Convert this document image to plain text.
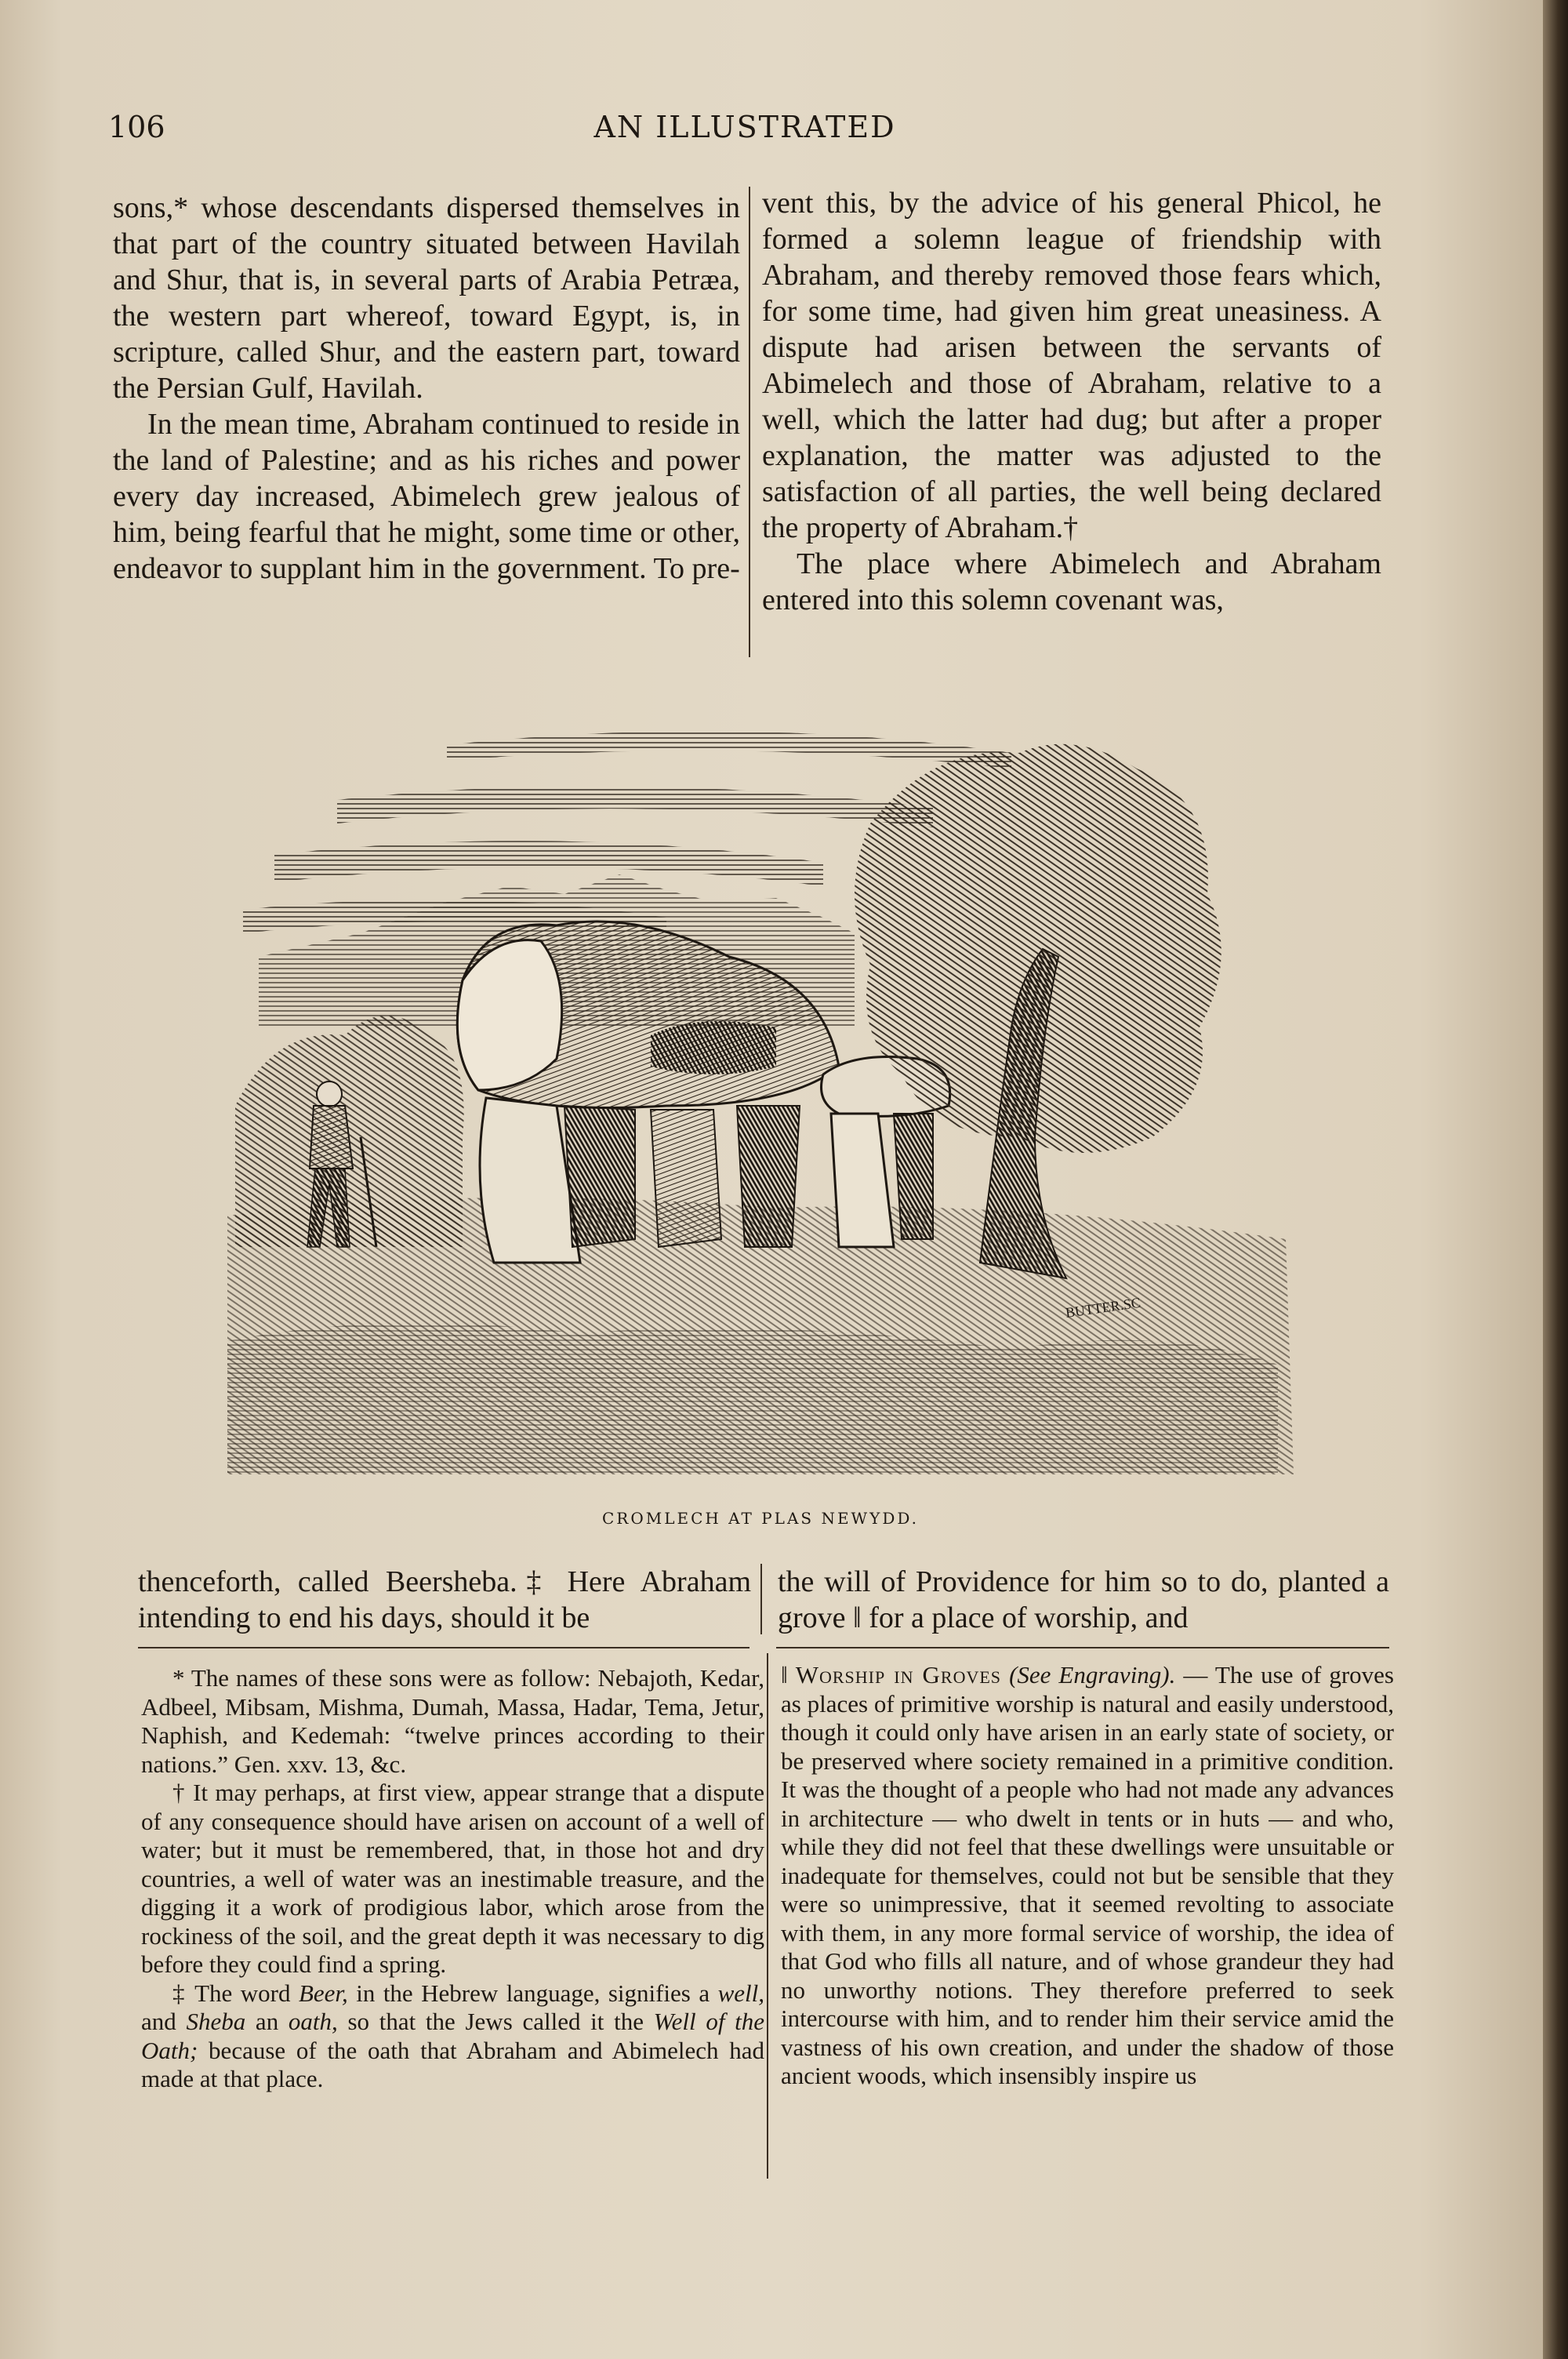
106	AN ILLUSTRATED

sons,* whose descendants dispersed themselves in that part of the country situated between Havilah and Shur, that is, in several parts of Arabia Petræa, the western part whereof, toward Egypt, is, in scripture, called Shur, and the eastern part, toward the Persian Gulf, Havilah.

In the mean time, Abraham continued to reside in the land of Palestine; and as his riches and power every day increased, Abimelech grew jealous of him, being fearful that he might, some time or other, endeavor to supplant him in the government. To pre-

vent this, by the advice of his general Phicol, he formed a solemn league of friendship with Abraham, and thereby removed those fears which, for some time, had given him great uneasiness. A dispute had arisen between the servants of Abimelech and those of Abraham, relative to a well, which the latter had dug; but after a proper explanation, the matter was adjusted to the satisfaction of all parties, the well being declared the property of Abraham.†

The place where Abimelech and Abraham entered into this solemn covenant was,

BUTTER.SC
CROMLECH AT PLAS NEWYDD.

thenceforth, called Beersheba.‡ Here Abraham intending to end his days, should it be

the will of Providence for him so to do, planted a grove ‖ for a place of worship, and

* The names of these sons were as follow: Nebajoth, Kedar, Adbeel, Mibsam, Mishma, Dumah, Massa, Hadar, Tema, Jetur, Naphish, and Kedemah: “twelve princes according to their nations.” Gen. xxv. 13, &c.

† It may perhaps, at first view, appear strange that a dispute of any consequence should have arisen on account of a well of water; but it must be remembered, that, in those hot and dry countries, a well of water was an inestimable treasure, and the digging it a work of prodigious labor, which arose from the rockiness of the soil, and the great depth it was necessary to dig before they could find a spring.

‡ The word Beer, in the Hebrew language, signifies a well, and Sheba an oath, so that the Jews called it the Well of the Oath; because of the oath that Abraham and Abimelech had made at that place.

‖ Worship in Groves (See Engraving). — The use of groves as places of primitive worship is natural and easily understood, though it could only have arisen in an early state of society, or be preserved where society remained in a primitive condition. It was the thought of a people who had not made any advances in architecture — who dwelt in tents or in huts — and who, while they did not feel that these dwellings were unsuitable or inadequate for themselves, could not but be sensible that they were so unimpressive, that it seemed revolting to associate with them, in any more formal service of worship, the idea of that God who fills all nature, and of whose grandeur they had no unworthy notions. They therefore preferred to seek intercourse with him, and to render him their service amid the vastness of his own creation, and under the shadow of those ancient woods, which insensibly inspire us
